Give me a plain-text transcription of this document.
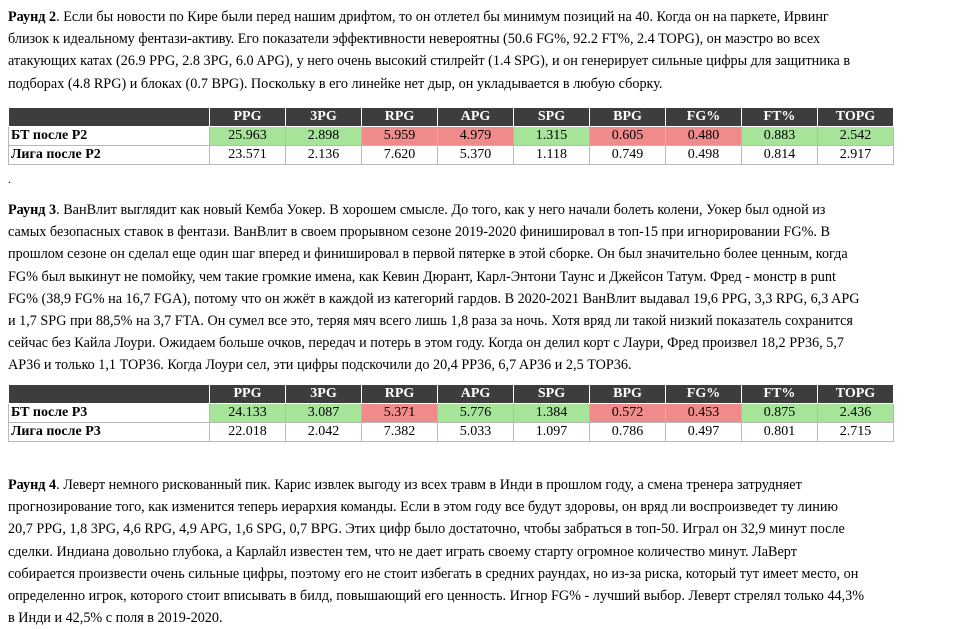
Раунд 2. Если бы новости по Кире были перед нашим дрифтом, то он отлетел бы минимум позиций на 40. Когда он на паркете, Ирвинг
близок к идеальному фентази-активу. Его показатели эффективности невероятны (50.6 FG%, 92.2 FT%, 2.4 TOPG), он маэстро во всех
атакующих катах (26.9 PPG, 2.8 3PG, 6.0 APG), у него очень высокий стилрейт (1.4 SPG), и он генерирует сильные цифры для защитника в
подборах (4.8 RPG) и блоках (0.7 BPG). Поскольку в его линейке нет дыр, он укладывается в любую сборку.
	PPG	3PG	RPG	APG	SPG	BPG	FG%	FT%	TOPG
БТ после Р2	25.963	2.898	5.959	4.979	1.315	0.605	0.480	0.883	2.542
Лига после Р2	23.571	2.136	7.620	5.370	1.118	0.749	0.498	0.814	2.917
.
Раунд 3. ВанВлит выглядит как новый Кемба Уокер. В хорошем смысле. До того, как у него начали болеть колени, Уокер был одной из
самых безопасных ставок в фентази. ВанВлит в своем прорывном сезоне 2019-2020 финишировал в топ-15 при игнорировании FG%. В
прошлом сезоне он сделал еще один шаг вперед и финишировал в первой пятерке в этой сборке. Он был значительно более ценным, когда
FG% был выкинут не помойку, чем такие громкие имена, как Кевин Дюрант, Карл-Энтони Таунс и Джейсон Татум. Фред - монстр в punt
FG% (38,9 FG% на 16,7 FGA), потому что он жжёт в каждой из категорий гардов. В 2020-2021 ВанВлит выдавал 19,6 PPG, 3,3 RPG, 6,3 APG
и 1,7 SPG при 88,5% на 3,7 FTA. Он сумел все это, теряя мяч всего лишь 1,8 раза за ночь. Хотя вряд ли такой низкий показатель сохранится
сейчас без Кайла Лоури. Ожидаем больше очков, передач и потерь в этом году. Когда он делил корт с Лаури, Фред произвел 18,2 PP36, 5,7
AP36 и только 1,1 TOP36. Когда Лоури сел, эти цифры подскочили до 20,4 PP36, 6,7 AP36 и 2,5 TOP36.
	PPG	3PG	RPG	APG	SPG	BPG	FG%	FT%	TOPG
БТ после Р3	24.133	3.087	5.371	5.776	1.384	0.572	0.453	0.875	2.436
Лига после Р3	22.018	2.042	7.382	5.033	1.097	0.786	0.497	0.801	2.715
Раунд 4. Леверт немного рискованный пик. Карис извлек выгоду из всех травм в Инди в прошлом году, а смена тренера затрудняет
прогнозирование того, как изменится теперь иерархия команды. Если в этом году все будут здоровы, он вряд ли воспроизведет ту линию
20,7 PPG, 1,8 3PG, 4,6 RPG, 4,9 APG, 1,6 SPG, 0,7 BPG. Этих цифр было достаточно, чтобы забраться в топ-50. Играл он 32,9 минут после
сделки. Индиана довольно глубока, а Карлайл известен тем, что не дает играть своему старту огромное количество минут. ЛаВерт
собирается произвести очень сильные цифры, поэтому его не стоит избегать в средних раундах, но из-за риска, который тут имеет место, он
определенно игрок, которого стоит вписывать в билд, повышающий его ценность. Игнор FG% - лучший выбор. Леверт стрелял только 44,3%
в Инди и 42,5% с поля в 2019-2020.
